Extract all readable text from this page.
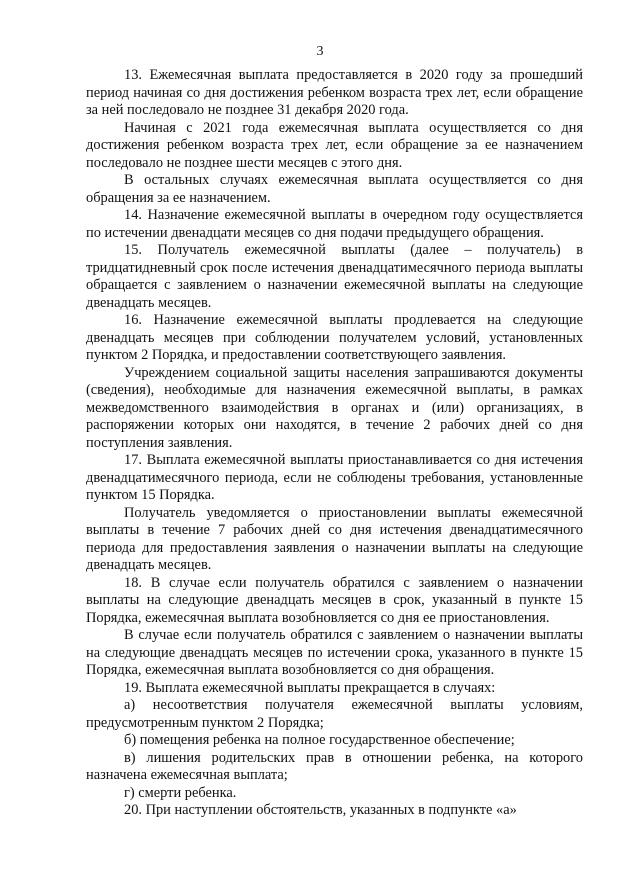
3

13. Ежемесячная выплата предоставляется в 2020 году за прошедший период начиная со дня достижения ребенком возраста трех лет, если обращение за ней последовало не позднее 31 декабря 2020 года.

Начиная с 2021 года ежемесячная выплата осуществляется со дня достижения ребенком возраста трех лет, если обращение за ее назначением последовало не позднее шести месяцев с этого дня.

В остальных случаях ежемесячная выплата осуществляется со дня обращения за ее назначением.

14. Назначение ежемесячной выплаты в очередном году осуществляется по истечении двенадцати месяцев со дня подачи предыдущего обращения.

15. Получатель ежемесячной выплаты (далее – получатель) в тридцатидневный срок после истечения двенадцатимесячного периода выплаты обращается с заявлением о назначении ежемесячной выплаты на следующие двенадцать месяцев.

16. Назначение ежемесячной выплаты продлевается на следующие двенадцать месяцев при соблюдении получателем условий, установленных пунктом 2 Порядка, и предоставлении соответствующего заявления.

Учреждением социальной защиты населения запрашиваются документы (сведения), необходимые для назначения ежемесячной выплаты, в рамках межведомственного взаимодействия в органах и (или) организациях, в распоряжении которых они находятся, в течение 2 рабочих дней со дня поступления заявления.

17. Выплата ежемесячной выплаты приостанавливается со дня истечения двенадцатимесячного периода, если не соблюдены требования, установленные пунктом 15 Порядка.

Получатель уведомляется о приостановлении выплаты ежемесячной выплаты в течение 7 рабочих дней со дня истечения двенадцатимесячного периода для предоставления заявления о назначении выплаты на следующие двенадцать месяцев.

18. В случае если получатель обратился с заявлением о назначении выплаты на следующие двенадцать месяцев в срок, указанный в пункте 15 Порядка, ежемесячная выплата возобновляется со дня ее приостановления.

В случае если получатель обратился с заявлением о назначении выплаты на следующие двенадцать месяцев по истечении срока, указанного в пункте 15 Порядка, ежемесячная выплата возобновляется со дня обращения.

19. Выплата ежемесячной выплаты прекращается в случаях:

а) несоответствия получателя ежемесячной выплаты условиям, предусмотренным пунктом 2 Порядка;

б) помещения ребенка на полное государственное обеспечение;

в) лишения родительских прав в отношении ребенка, на которого назначена ежемесячная выплата;

г) смерти ребенка.

20. При наступлении обстоятельств, указанных в подпункте «а»
